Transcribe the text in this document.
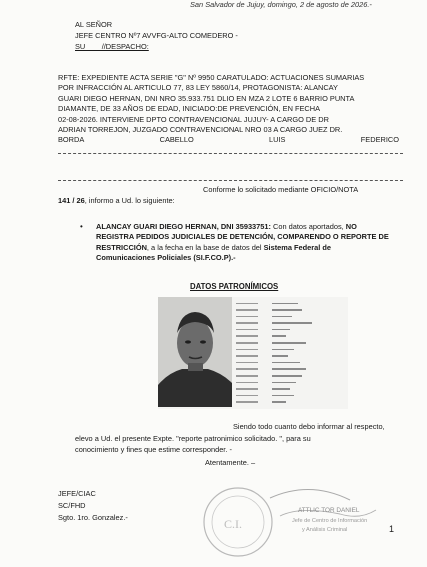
San Salvador de Jujuy, domingo, 2 de agosto de 2026.-
AL SEÑOR
JEFE CENTRO Nº7 AVVFG-ALTO COMEDERO -
SU        //DESPACHO:
RFTE: EXPEDIENTE ACTA SERIE "G" Nº 9950 CARATULADO: ACTUACIONES SUMARIAS
POR INFRACCIÓN AL ARTICULO 77, 83 LEY 5860/14, PROTAGONISTA: ALANCAY
GUARI DIEGO HERNAN, DNI NRO 35.933.751 DLIO EN MZA 2 LOTE 6 BARRIO PUNTA
DIAMANTE, DE 33 AÑOS DE EDAD, INICIADO:DE PREVENCIÓN, EN FECHA
02-08-2026. INTERVIENE DPTO CONTRAVENCIONAL JUJUY- A CARGO DE DR
ADRIAN TORREJON, JUZGADO CONTRAVENCIONAL NRO 03 A CARGO JUEZ DR.
BORDA	CABELLO	LUIS	FEDERICO
Conforme lo solicitado mediante OFICIO/NOTA
141 / 26, informo a Ud. lo siguiente:
• ALANCAY GUARI DIEGO HERNAN, DNI 35933751: Con datos aportados, NO
REGISTRA PEDIDOS JUDICIALES DE DETENCIÓN, COMPARENDO O REPORTE DE
RESTRICCIÓN, a la fecha en la base de datos del Sistema Federal de
Comunicaciones Policiales (SI.F.CO.P).-
DATOS PATRONÍMICOS
Siendo todo cuanto debo informar al respecto,
elevo a Ud. el presente Expte. "reporte patronimico solicitado. ", para su
conocimiento y fines que estime corresponder. -
Atentamente. –
JEFE/CIAC
SC/FHD
Sgto. 1ro. Gonzalez.-	C.I.
ATTLIC TOR DANIEL
Jefe de Centro de Información
y Análisis Criminal	1
